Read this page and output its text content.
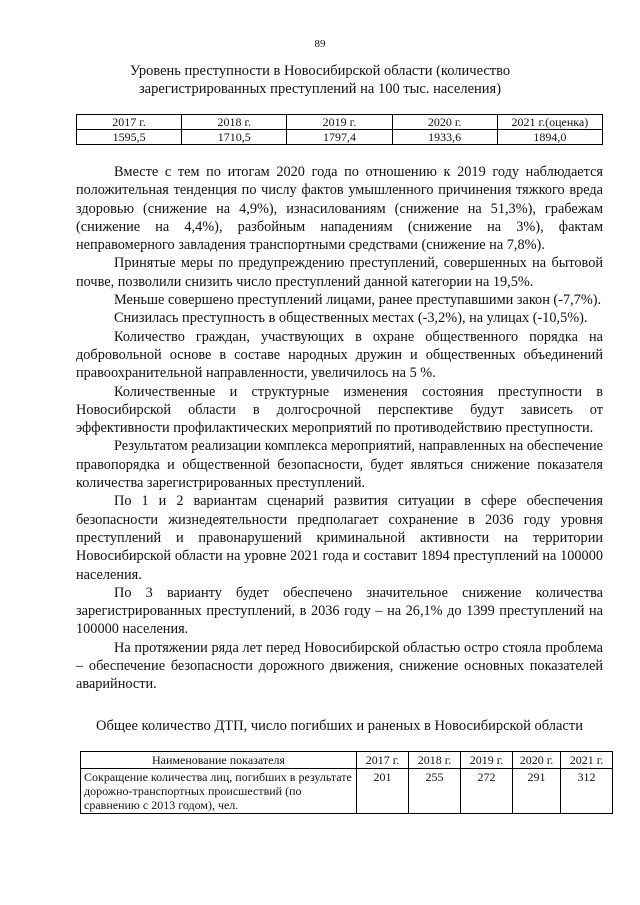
89
Уровень преступности в Новосибирской области (количество зарегистрированных преступлений на 100 тыс. населения)
2017 г.	2018 г.	2019 г.	2020 г.	2021 г.(оценка)
1595,5	1710,5	1797,4	1933,6	1894,0

Вместе с тем по итогам 2020 года по отношению к 2019 году наблюдается положительная тенденция по числу фактов умышленного причинения тяжкого вреда здоровью (снижение на 4,9%), изнасилованиям (снижение на 51,3%), грабежам (снижение на 4,4%), разбойным нападениям (снижение на 3%), фактам неправомерного завладения транспортными средствами (снижение на 7,8%).

Принятые меры по предупреждению преступлений, совершенных на бытовой почве, позволили снизить число преступлений данной категории на 19,5%.

Меньше совершено преступлений лицами, ранее преступавшими закон (-7,7%).

Снизилась преступность в общественных местах (-3,2%), на улицах (-10,5%).

Количество граждан, участвующих в охране общественного порядка на добровольной основе в составе народных дружин и общественных объединений правоохранительной направленности, увеличилось на 5 %.

Количественные и структурные изменения состояния преступности в Новосибирской области в долгосрочной перспективе будут зависеть от эффективности профилактических мероприятий по противодействию преступности.

Результатом реализации комплекса мероприятий, направленных на обеспечение правопорядка и общественной безопасности, будет являться снижение показателя количества зарегистрированных преступлений.

По 1 и 2 вариантам сценарий развития ситуации в сфере обеспечения безопасности жизнедеятельности предполагает сохранение в 2036 году уровня преступлений и правонарушений криминальной активности на территории Новосибирской области на уровне 2021 года и составит 1894 преступлений на 100000 населения.

По 3 варианту будет обеспечено значительное снижение количества зарегистрированных преступлений, в 2036 году – на 26,1% до 1399 преступлений на 100000 населения.

На протяжении ряда лет перед Новосибирской областью остро стояла проблема – обеспечение безопасности дорожного движения, снижение основных показателей аварийности.

Общее количество ДТП, число погибших и раненых в Новосибирской области
Наименование показателя	2017 г.	2018 г.	2019 г.	2020 г.	2021 г.
Сокращение количества лиц, погибших в результате дорожно-транспортных происшествий (по сравнению с 2013 годом), чел.	201	255	272	291	312
